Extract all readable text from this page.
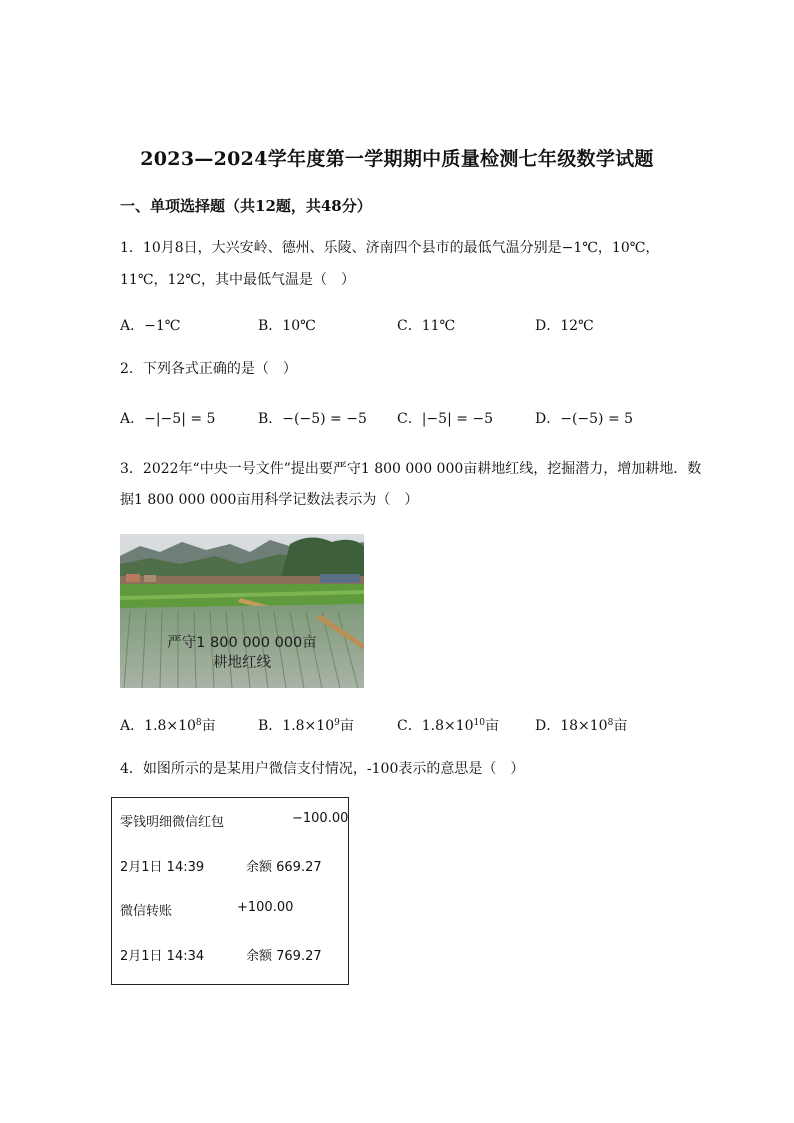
2023—2024学年度第一学期期中质量检测七年级数学试题
一、单项选择题（共12题，共48分）
1．10月8日，大兴安岭、德州、乐陵、济南四个县市的最低气温分别是−1℃，10℃，
11℃，12℃，其中最低气温是（　）
A．−1℃	B．10℃	C．11℃	D．12℃
2．下列各式正确的是（　）
A．−|−5| = 5	B．−(−5) = −5 C．|−5| = −5	D．−(−5) = 5
3．2022年“中央一号文件”提出要严守1 800 000 000亩耕地红线，挖掘潜力，增加耕地．数
据1 800 000 000亩用科学记数法表示为（　）
严守1 800 000 000亩
耕地红线
A．$1.8\times 10^8$亩	B．$1.8\times 10^9$亩	C．$1.8\times 10^{10}$亩	D．$18\times 10^8$亩
4．如图所示的是某用户微信支付情况，-100表示的意思是（　）
零钱明细微信红包	−100.00
2月1日 14:39	余额 669.27
微信转账	+100.00
2月1日 14:34	余额 769.27
